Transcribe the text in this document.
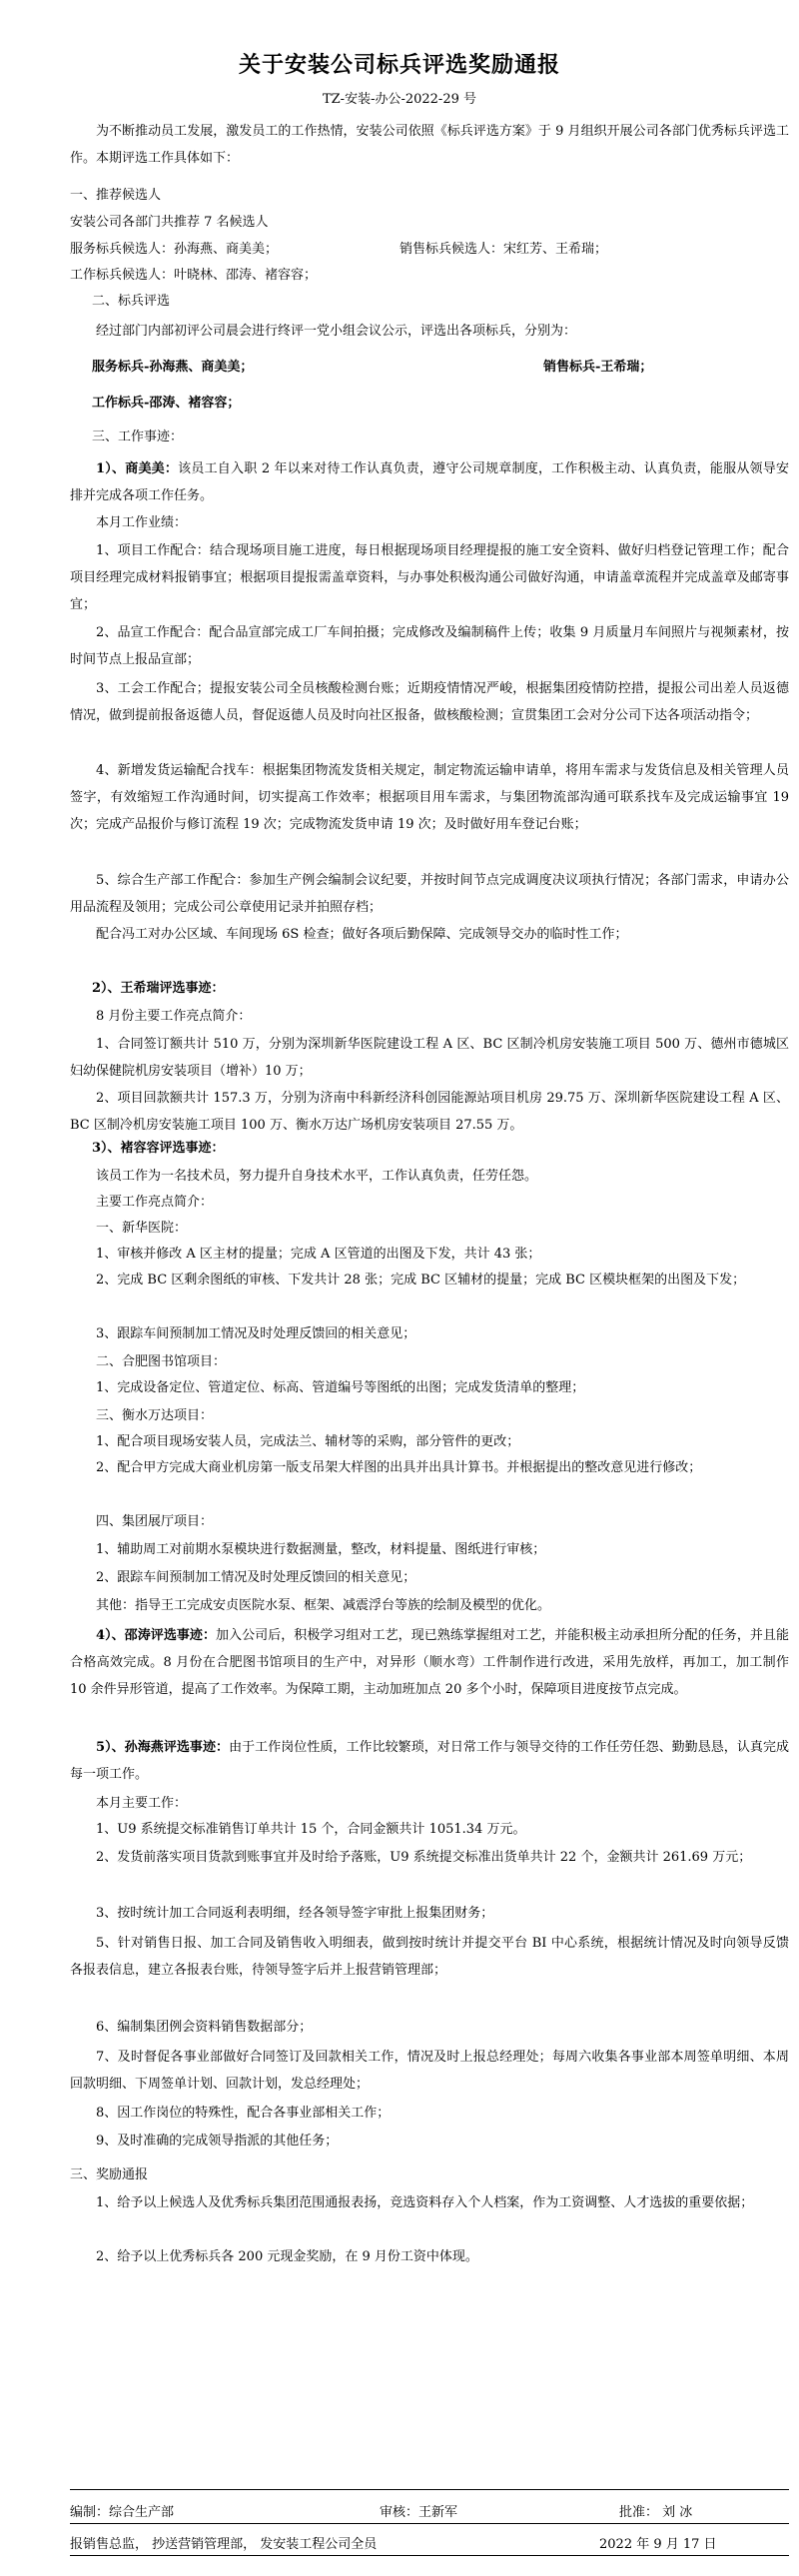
关于安装公司标兵评选奖励通报
TZ-安装-办公-2022-29 号
为不断推动员工发展，激发员工的工作热情，安装公司依照《标兵评选方案》于 9 月组织开展公司各部门优秀标兵评选工作。本期评选工作具体如下：
一、推荐候选人
安装公司各部门共推荐 7 名候选人
服务标兵候选人：孙海燕、商美美；	销售标兵候选人：宋红芳、王希瑞；
工作标兵候选人：叶晓林、邵涛、褚容容；
二、标兵评选
经过部门内部初评公司晨会进行终评一党小组会议公示，评选出各项标兵，分别为：
服务标兵-孙海燕、商美美；	销售标兵-王希瑞；
工作标兵-邵涛、褚容容；
三、工作事迹：
1）、商美美：该员工自入职 2 年以来对待工作认真负责，遵守公司规章制度，工作积极主动、认真负责，能服从领导安排并完成各项工作任务。
本月工作业绩：
1、项目工作配合：结合现场项目施工进度，每日根据现场项目经理提报的施工安全资料、做好归档登记管理工作；配合项目经理完成材料报销事宜；根据项目提报需盖章资料，与办事处积极沟通公司做好沟通，申请盖章流程并完成盖章及邮寄事宜；
2、品宣工作配合：配合品宣部完成工厂车间拍摄；完成修改及编制稿件上传；收集 9 月质量月车间照片与视频素材，按时间节点上报品宣部；
3、工会工作配合；提报安装公司全员核酸检测台账；近期疫情情况严峻，根据集团疫情防控措，提报公司出差人员返德情况，做到提前报备返德人员，督促返德人员及时向社区报备，做核酸检测；宣贯集团工会对分公司下达各项活动指令；
4、新增发货运输配合找车：根据集团物流发货相关规定，制定物流运输申请单，将用车需求与发货信息及相关管理人员签字，有效缩短工作沟通时间，切实提高工作效率；根据项目用车需求，与集团物流部沟通可联系找车及完成运输事宜 19 次；完成产品报价与修订流程 19 次；完成物流发货申请 19 次；及时做好用车登记台账；
5、综合生产部工作配合：参加生产例会编制会议纪要，并按时间节点完成调度决议项执行情况；各部门需求，申请办公用品流程及领用；完成公司公章使用记录并拍照存档；
配合冯工对办公区域、车间现场 6S 检查；做好各项后勤保障、完成领导交办的临时性工作；
2）、王希瑞评选事迹：
8 月份主要工作亮点简介：
1、合同签订额共计 510 万，分别为深圳新华医院建设工程 A 区、BC 区制冷机房安装施工项目 500 万、德州市德城区妇幼保健院机房安装项目（增补）10 万；
2、项目回款额共计 157.3 万，分别为济南中科新经济科创园能源站项目机房 29.75 万、深圳新华医院建设工程 A 区、BC 区制冷机房安装施工项目 100 万、衡水万达广场机房安装项目 27.55 万。
3）、褚容容评选事迹：
该员工作为一名技术员，努力提升自身技术水平，工作认真负责，任劳任怨。
主要工作亮点简介：
一、新华医院：
1、审核并修改 A 区主材的提量；完成 A 区管道的出图及下发，共计 43 张；
2、完成 BC 区剩余图纸的审核、下发共计 28 张；完成 BC 区辅材的提量；完成 BC 区模块框架的出图及下发；
3、跟踪车间预制加工情况及时处理反馈回的相关意见；
二、合肥图书馆项目：
1、完成设备定位、管道定位、标高、管道编号等图纸的出图；完成发货清单的整理；
三、衡水万达项目：
1、配合项目现场安装人员，完成法兰、辅材等的采购，部分管件的更改；
2、配合甲方完成大商业机房第一版支吊架大样图的出具并出具计算书。并根据提出的整改意见进行修改；
四、集团展厅项目：
1、辅助周工对前期水泵模块进行数据测量，整改，材料提量、图纸进行审核；
2、跟踪车间预制加工情况及时处理反馈回的相关意见；
其他：指导王工完成安贞医院水泵、框架、减震浮台等族的绘制及模型的优化。
4）、邵涛评选事迹：加入公司后，积极学习组对工艺，现已熟练掌握组对工艺，并能积极主动承担所分配的任务，并且能合格高效完成。8 月份在合肥图书馆项目的生产中，对异形（顺水弯）工件制作进行改进，采用先放样，再加工，加工制作 10 余件异形管道，提高了工作效率。为保障工期，主动加班加点 20 多个小时，保障项目进度按节点完成。
5）、孙海燕评选事迹：由于工作岗位性质，工作比较繁琐，对日常工作与领导交待的工作任劳任怨、勤勤恳恳，认真完成每一项工作。
本月主要工作：
1、U9 系统提交标准销售订单共计 15 个，合同金额共计 1051.34 万元。
2、发货前落实项目货款到账事宜并及时给予落账，U9 系统提交标准出货单共计 22 个，金额共计 261.69 万元；
3、按时统计加工合同返利表明细，经各领导签字审批上报集团财务；
5、针对销售日报、加工合同及销售收入明细表，做到按时统计并提交平台 BI 中心系统，根据统计情况及时向领导反馈各报表信息，建立各报表台账，待领导签字后并上报营销管理部；
6、编制集团例会资料销售数据部分；
7、及时督促各事业部做好合同签订及回款相关工作，情况及时上报总经理处；每周六收集各事业部本周签单明细、本周回款明细、下周签单计划、回款计划，发总经理处；
8、因工作岗位的特殊性，配合各事业部相关工作；
9、及时准确的完成领导指派的其他任务；
三、奖励通报
1、给予以上候选人及优秀标兵集团范围通报表扬，竞选资料存入个人档案，作为工资调整、人才选拔的重要依据；
2、给予以上优秀标兵各 200 元现金奖励，在 9 月份工资中体现。
编制：综合生产部	审核：王新军	批准： 刘 冰
报销售总监， 抄送营销管理部， 发安装工程公司全员	2022 年 9 月 17 日
